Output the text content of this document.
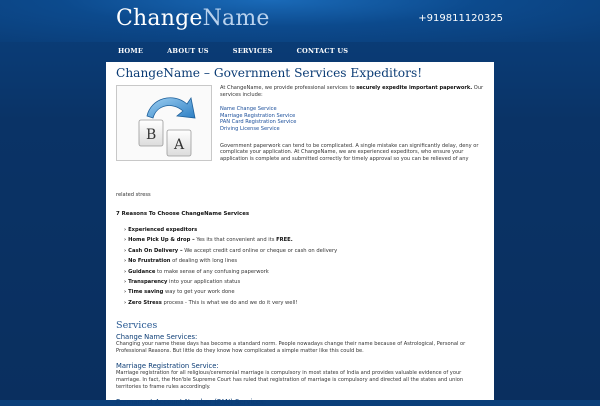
ChangeName	+919811120325
HOME	ABOUT US	SERVICES	CONTACT US
ChangeName – Government Services Expeditors!
B
A
At ChangeName, we provide professional services to securely expedite important paperwork. Our services include:
Name Change Service
Marriage Registration Service
PAN Card Registration Service
Driving License Service
Government paperwork can tend to be complicated. A single mistake can significantly delay, deny or complicate your application. At ChangeName, we are experienced expeditors, who ensure your application is complete and submitted correctly for timely approval so you can be relieved of any
related stress
7 Reasons To Choose ChangeName Services
› Experienced expeditors
› Home Pick Up & drop – Yes its that convenient and its FREE.
› Cash On Delivery – We accept credit card online or cheque or cash on delivery
› No Frustration of dealing with long lines
› Guidance to make sense of any confusing paperwork
› Transparency into your application status
› Time saving way to get your work done
› Zero Stress process - This is what we do and we do it very well!
Services
Change Name Services:
Changing your name these days has become a standard norm. People nowadays change their name because of Astrological, Personal or Professional Reasons. But little do they know how complicated a simple matter like this could be.
Marriage Registration Service:
Marriage registration for all religious/ceremonial marriage is compulsory in most states of India and provides valuable evidence of your marriage. In fact, the Hon'ble Supreme Court has ruled that registration of marriage is compulsory and directed all the states and union territories to frame rules accordingly.
Permanent Account Number (PAN) Services:
